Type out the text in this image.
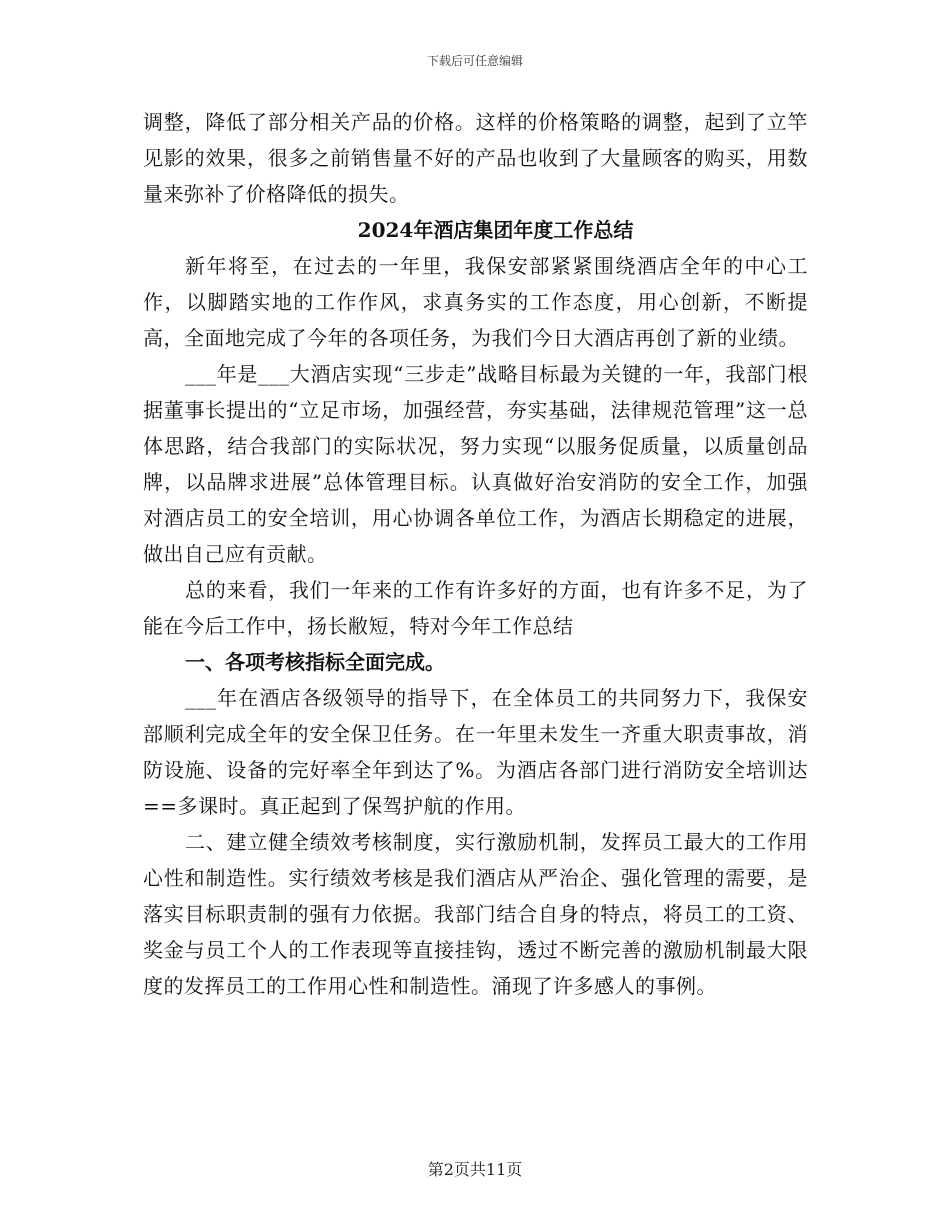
下载后可任意编辑

调整，降低了部分相关产品的价格。这样的价格策略的调整，起到了立竿见影的效果，很多之前销售量不好的产品也收到了大量顾客的购买，用数量来弥补了价格降低的损失。

2024年酒店集团年度工作总结

新年将至，在过去的一年里，我保安部紧紧围绕酒店全年的中心工作，以脚踏实地的工作作风，求真务实的工作态度，用心创新，不断提高，全面地完成了今年的各项任务，为我们今日大酒店再创了新的业绩。

___年是___大酒店实现“三步走”战略目标最为关键的一年，我部门根据董事长提出的“立足市场，加强经营，夯实基础，法律规范管理”这一总体思路，结合我部门的实际状况，努力实现“以服务促质量，以质量创品牌，以品牌求进展”总体管理目标。认真做好治安消防的安全工作，加强对酒店员工的安全培训，用心协调各单位工作，为酒店长期稳定的进展，做出自己应有贡献。

总的来看，我们一年来的工作有许多好的方面，也有许多不足，为了能在今后工作中，扬长敝短，特对今年工作总结

一、各项考核指标全面完成。

___年在酒店各级领导的指导下，在全体员工的共同努力下，我保安部顺利完成全年的安全保卫任务。在一年里未发生一齐重大职责事故，消防设施、设备的完好率全年到达了%。为酒店各部门进行消防安全培训达==多课时。真正起到了保驾护航的作用。

二、建立健全绩效考核制度，实行激励机制，发挥员工最大的工作用心性和制造性。实行绩效考核是我们酒店从严治企、强化管理的需要，是落实目标职责制的强有力依据。我部门结合自身的特点，将员工的工资、奖金与员工个人的工作表现等直接挂钩，透过不断完善的激励机制最大限度的发挥员工的工作用心性和制造性。涌现了许多感人的事例。

第2页共11页
